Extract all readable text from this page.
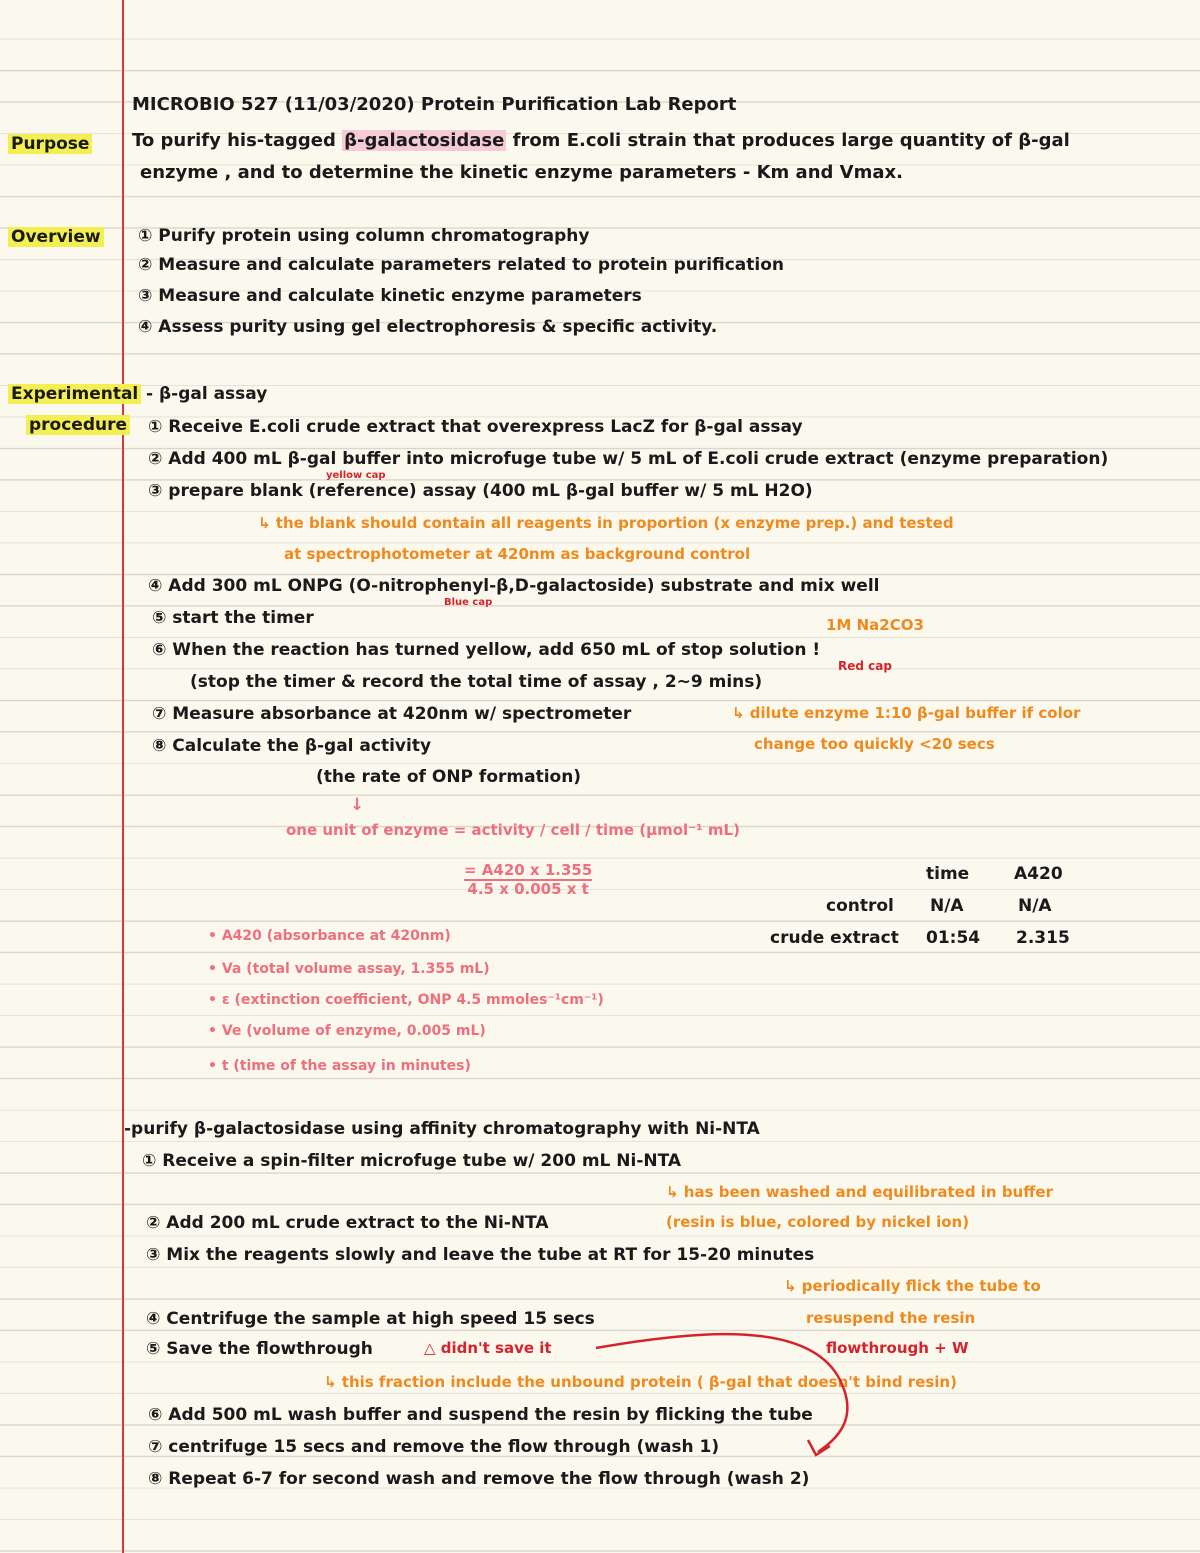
MICROBIO 527 (11/03/2020) Protein Purification Lab Report
Purpose To purify his-tagged β-galactosidase from E.coli strain that produces large quantity of β-gal
enzyme , and to determine the kinetic enzyme parameters - Km and Vmax.
Overview ① Purify protein using column chromatography
② Measure and calculate parameters related to protein purification
③ Measure and calculate kinetic enzyme parameters
④ Assess purity using gel electrophoresis & specific activity.
Experimental
procedure
- β-gal assay
① Receive E.coli crude extract that overexpress LacZ for β-gal assay
② Add 400 mL β-gal buffer into microfuge tube w/ 5 mL of E.coli crude extract (enzyme preparation)
yellow cap
③ prepare blank (reference) assay (400 mL β-gal buffer w/ 5 mL H2O)
↳ the blank should contain all reagents in proportion (x enzyme prep.) and tested
at spectrophotometer at 420nm as background control
④ Add 300 mL ONPG (O-nitrophenyl-β,D-galactoside) substrate and mix well
Blue cap
⑤ start the timer	1M Na2CO3
⑥ When the reaction has turned yellow, add 650 mL of stop solution !
Red cap
(stop the timer & record the total time of assay , 2~9 mins)
⑦ Measure absorbance at 420nm w/ spectrometer	↳ dilute enzyme 1:10 β-gal buffer if color
change too quickly <20 secs
⑧ Calculate the β-gal activity
(the rate of ONP formation)
↓
one unit of enzyme = activity / cell / time (μmol⁻¹ mL)
= A420 x 1.355
4.5 x 0.005 x t
• A420 (absorbance at 420nm)
• Va (total volume assay, 1.355 mL)
• ε (extinction coefficient, ONP 4.5 mmoles⁻¹cm⁻¹)
• Ve (volume of enzyme, 0.005 mL)
• t (time of the assay in minutes)
time	A420
control N/A	N/A
crude extract 01:54 2.315
-purify β-galactosidase using affinity chromatography with Ni-NTA
① Receive a spin-filter microfuge tube w/ 200 mL Ni-NTA
↳ has been washed and equilibrated in buffer
(resin is blue, colored by nickel ion)
② Add 200 mL crude extract to the Ni-NTA
③ Mix the reagents slowly and leave the tube at RT for 15-20 minutes
↳ periodically flick the tube to
resuspend the resin
④ Centrifuge the sample at high speed 15 secs
⑤ Save the flowthrough	△ didn't save it	flowthrough + W
↳ this fraction include the unbound protein ( β-gal that doesn't bind resin)
⑥ Add 500 mL wash buffer and suspend the resin by flicking the tube
⑦ centrifuge 15 secs and remove the flow through (wash 1)
⑧ Repeat 6-7 for second wash and remove the flow through (wash 2)
